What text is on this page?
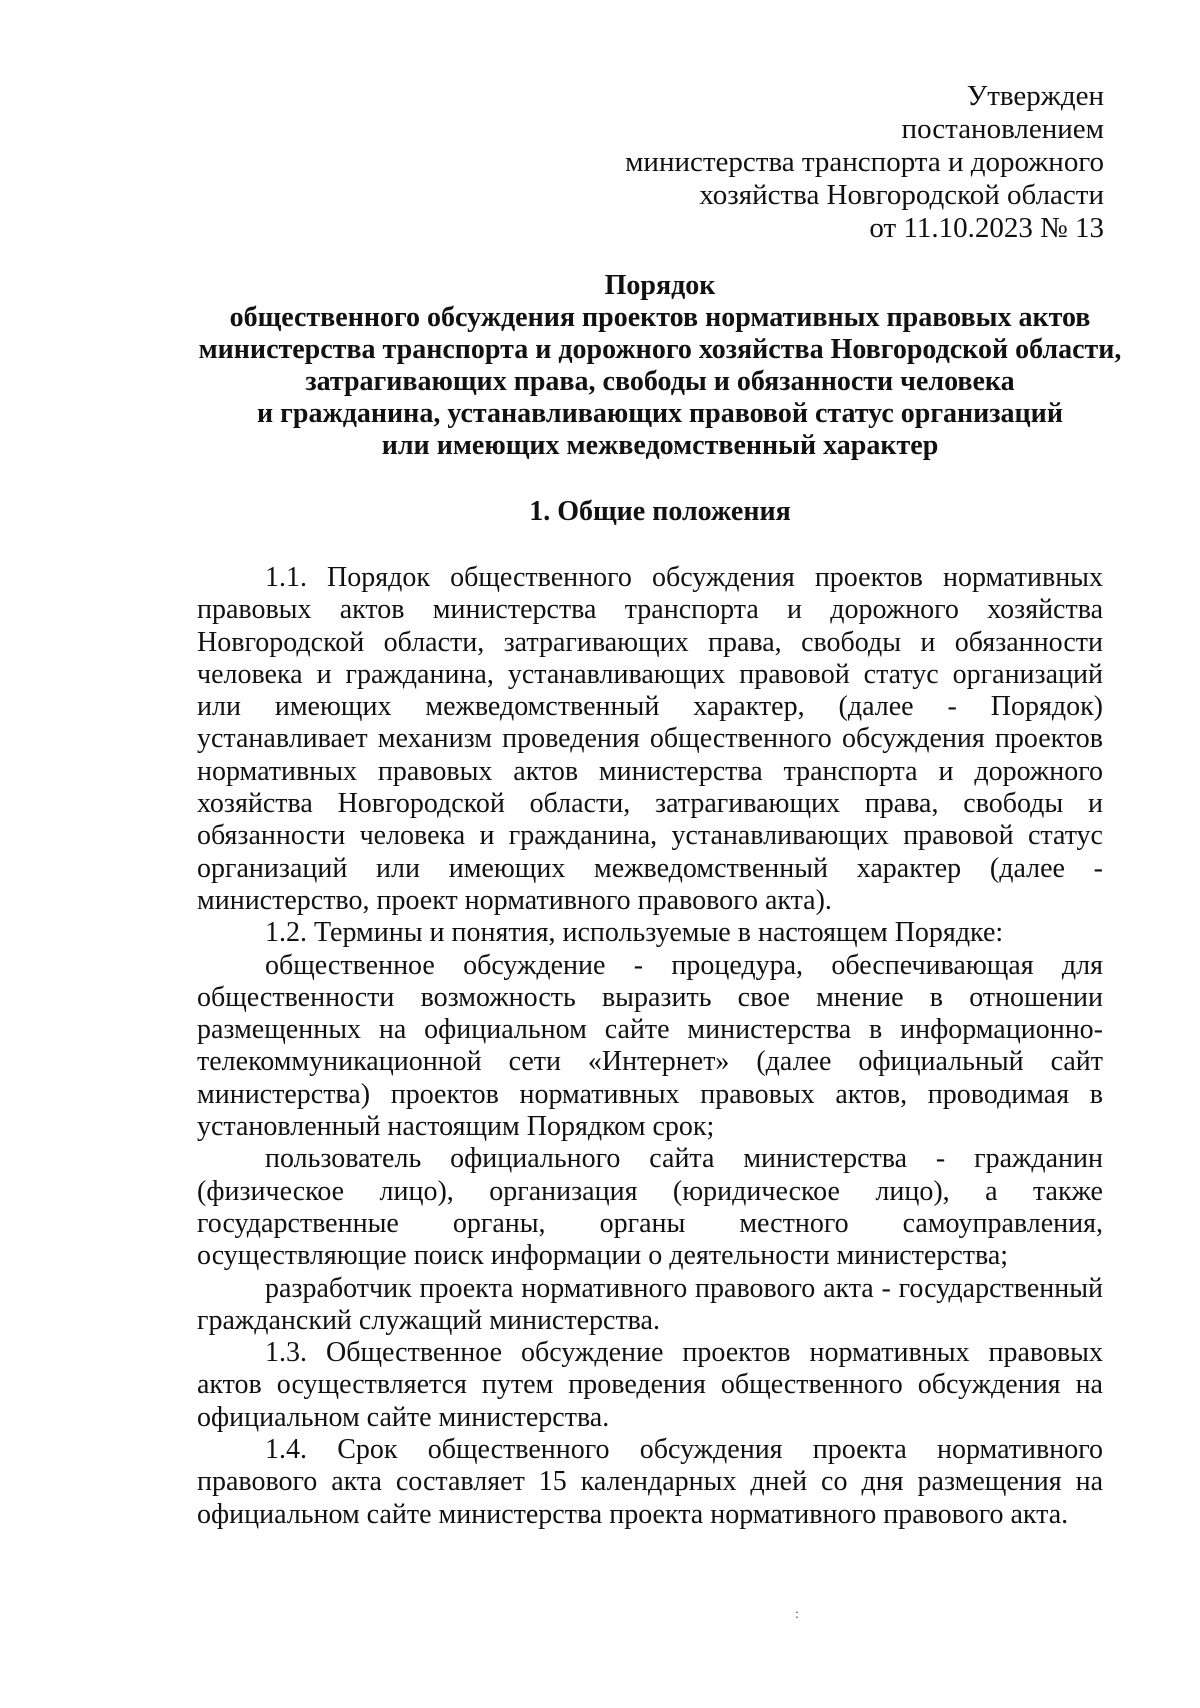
Утвержден
постановлением
министерства транспорта и дорожного
хозяйства Новгородской области
от 11.10.2023 № 13
Порядок
общественного обсуждения проектов нормативных правовых актов
министерства транспорта и дорожного хозяйства Новгородской области,
затрагивающих права, свободы и обязанности человека
и гражданина, устанавливающих правовой статус организаций
или имеющих межведомственный характер
1. Общие положения

1.1. Порядок общественного обсуждения проектов нормативных правовых актов министерства транспорта и дорожного хозяйства Новгородской области, затрагивающих права, свободы и обязанности человека и гражданина, устанавливающих правовой статус организаций или имеющих межведомственный характер, (далее - Порядок) устанавливает механизм проведения общественного обсуждения проектов нормативных правовых актов министерства транспорта и дорожного хозяйства Новгородской области, затрагивающих права, свободы и обязанности человека и гражданина, устанавливающих правовой статус организаций или имеющих межведомственный характер (далее - министерство, проект нормативного правового акта).

1.2. Термины и понятия, используемые в настоящем Порядке:

общественное обсуждение - процедура, обеспечивающая для общественности возможность выразить свое мнение в отношении размещенных на официальном сайте министерства в информационно-телекоммуникационной сети «Интернет» (далее официальный сайт министерства) проектов нормативных правовых актов, проводимая в установленный настоящим Порядком срок;

пользователь официального сайта министерства - гражданин (физическое лицо), организация (юридическое лицо), а также государственные органы, органы местного самоуправления, осуществляющие поиск информации о деятельности министерства;

разработчик проекта нормативного правового акта - государственный гражданский служащий министерства.

1.3. Общественное обсуждение проектов нормативных правовых актов осуществляется путем проведения общественного обсуждения на официальном сайте министерства.

1.4. Срок общественного обсуждения проекта нормативного правового акта составляет 15 календарных дней со дня размещения на официальном сайте министерства проекта нормативного правового акта.

:
